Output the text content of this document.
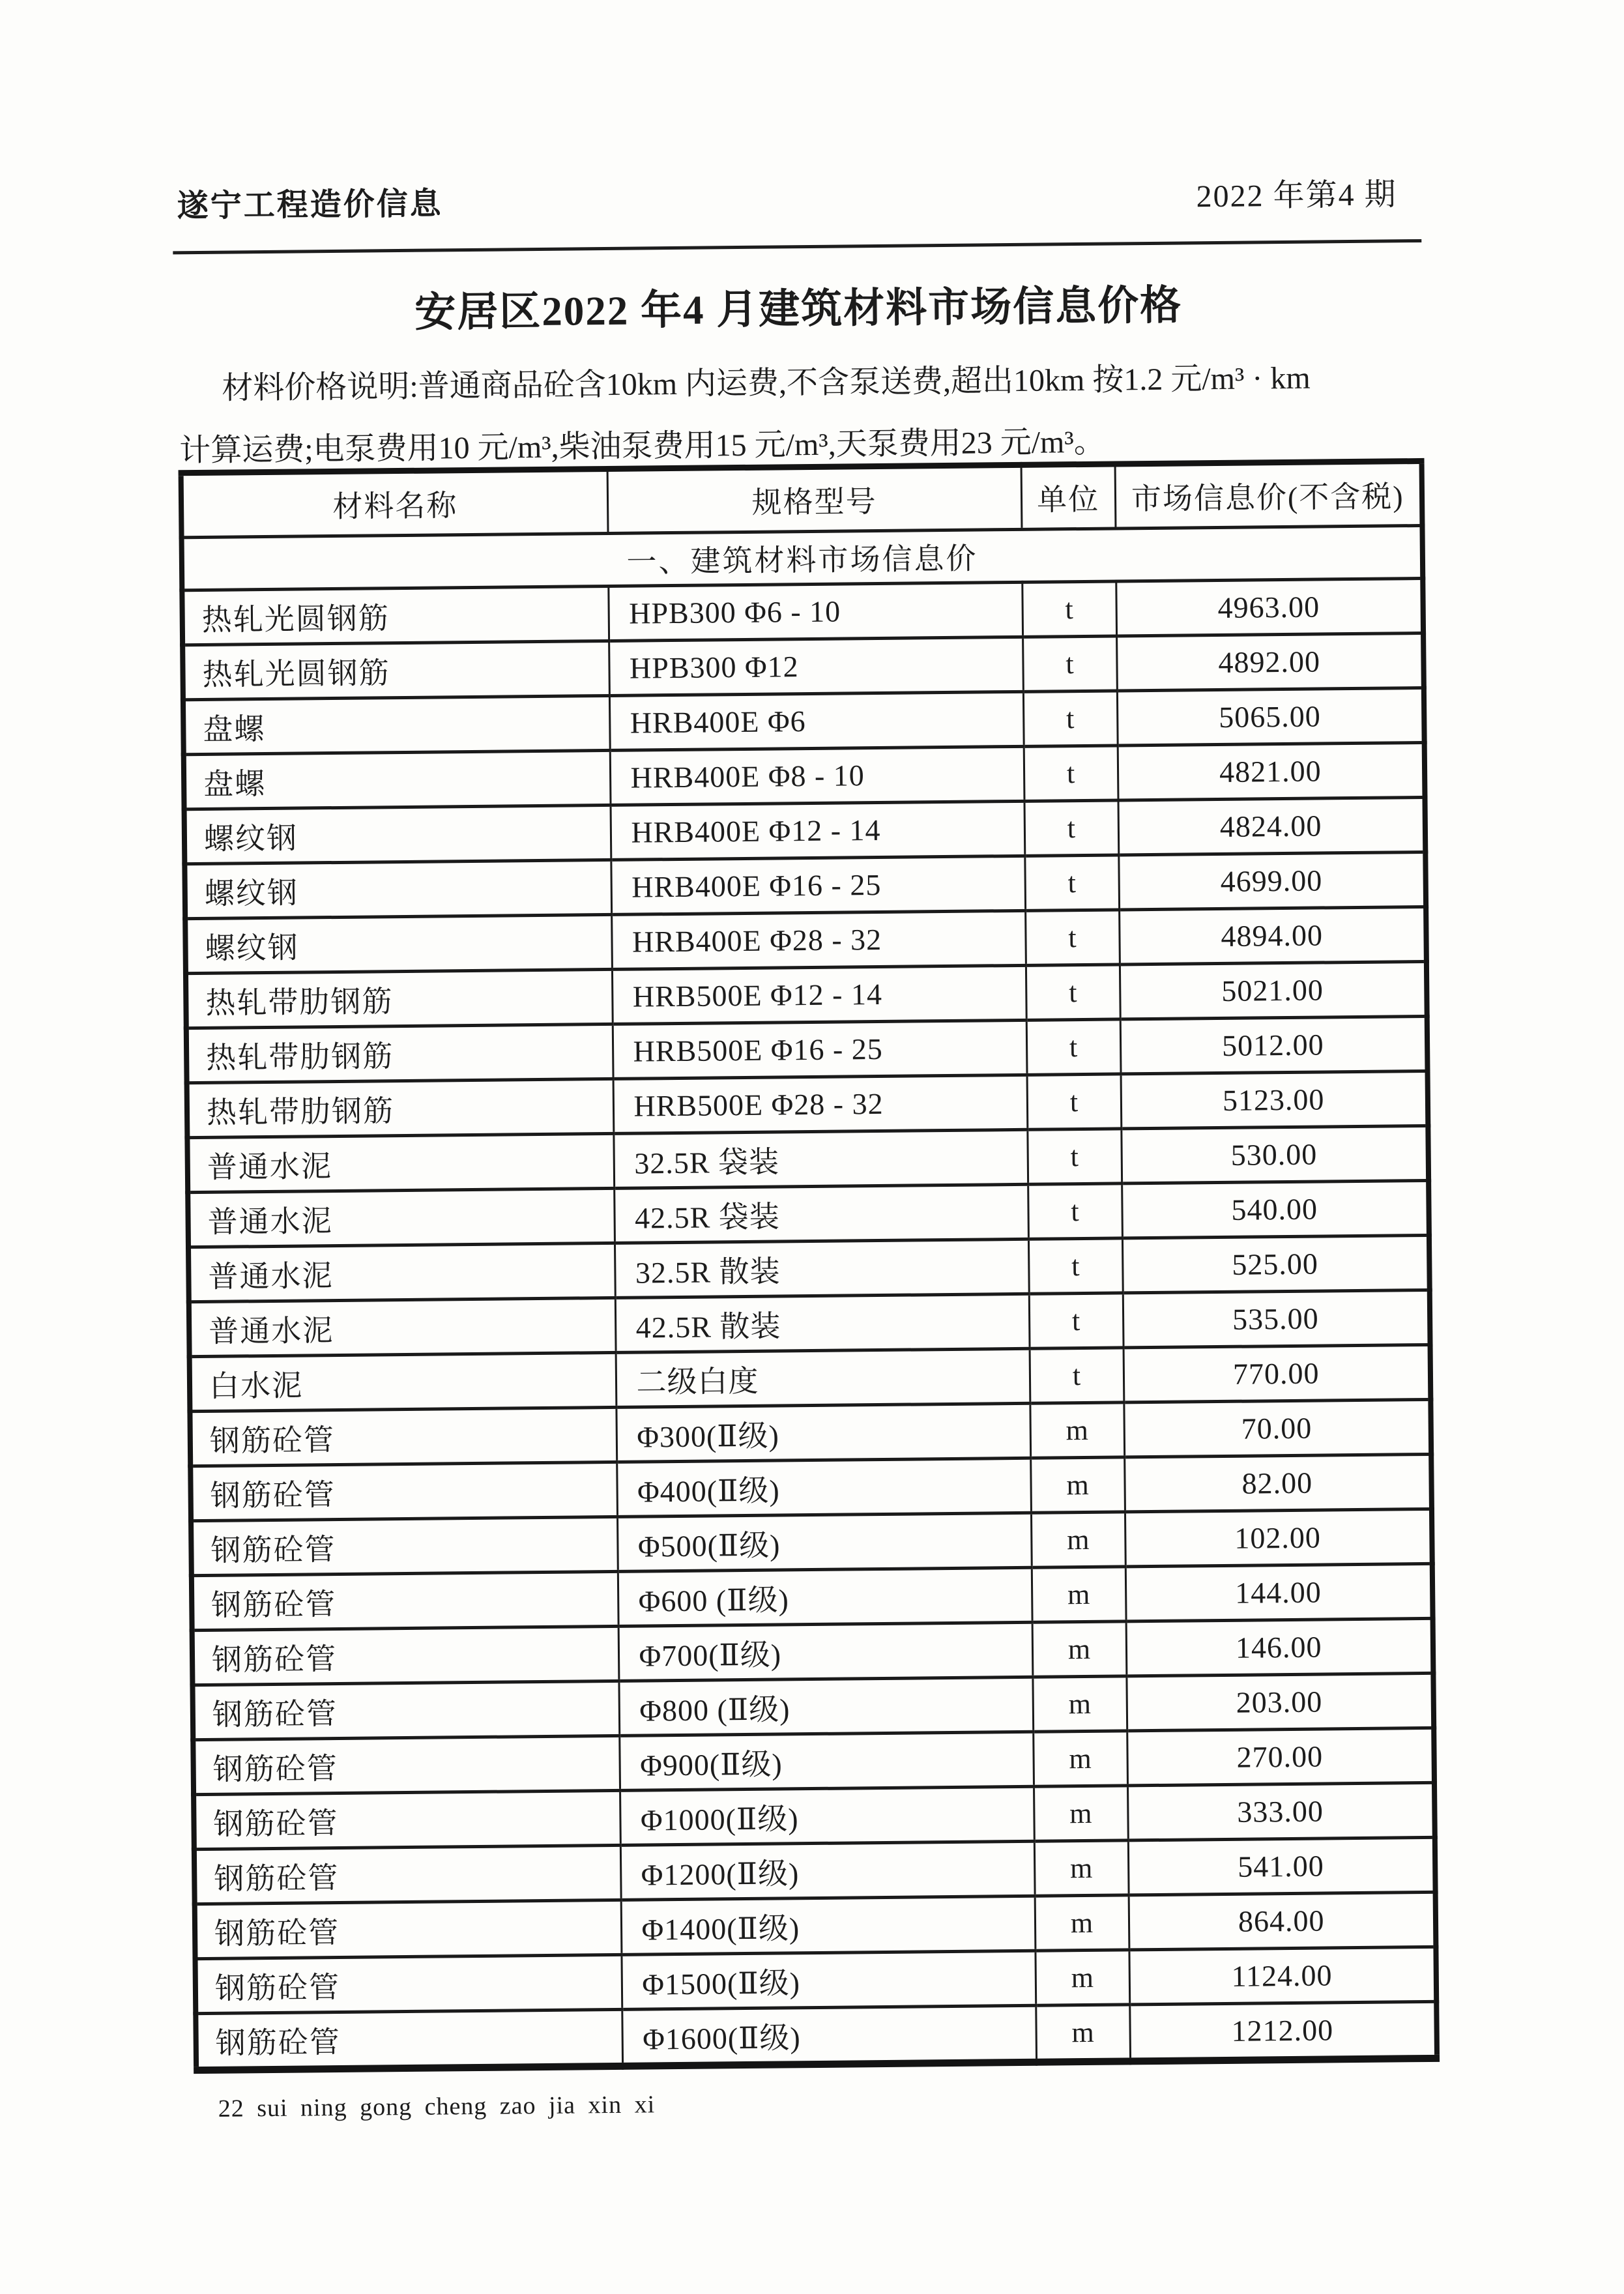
遂宁工程造价信息	2022 年第4 期
安居区2022 年4 月建筑材料市场信息价格
材料价格说明:普通商品砼含10km 内运费,不含泵送费,超出10km 按1.2 元/m³ · km
计算运费;电泵费用10 元/m³,柴油泵费用15 元/m³,天泵费用23 元/m³。
材料名称	规格型号	单位	市场信息价(不含税)
一、建筑材料市场信息价			
热轧光圆钢筋	HPB300 Φ6 - 10	t	4963.00
热轧光圆钢筋	HPB300 Φ12	t	4892.00
盘螺	HRB400E Φ6	t	5065.00
盘螺	HRB400E Φ8 - 10	t	4821.00
螺纹钢	HRB400E Φ12 - 14	t	4824.00
螺纹钢	HRB400E Φ16 - 25	t	4699.00
螺纹钢	HRB400E Φ28 - 32	t	4894.00
热轧带肋钢筋	HRB500E Φ12 - 14	t	5021.00
热轧带肋钢筋	HRB500E Φ16 - 25	t	5012.00
热轧带肋钢筋	HRB500E Φ28 - 32	t	5123.00
普通水泥	32.5R 袋装	t	530.00
普通水泥	42.5R 袋装	t	540.00
普通水泥	32.5R 散装	t	525.00
普通水泥	42.5R 散装	t	535.00
白水泥	二级白度	t	770.00
钢筋砼管	Φ300(Ⅱ级)	m	70.00
钢筋砼管	Φ400(Ⅱ级)	m	82.00
钢筋砼管	Φ500(Ⅱ级)	m	102.00
钢筋砼管	Φ600 (Ⅱ级)	m	144.00
钢筋砼管	Φ700(Ⅱ级)	m	146.00
钢筋砼管	Φ800 (Ⅱ级)	m	203.00
钢筋砼管	Φ900(Ⅱ级)	m	270.00
钢筋砼管	Φ1000(Ⅱ级)	m	333.00
钢筋砼管	Φ1200(Ⅱ级)	m	541.00
钢筋砼管	Φ1400(Ⅱ级)	m	864.00
钢筋砼管	Φ1500(Ⅱ级)	m	1124.00
钢筋砼管	Φ1600(Ⅱ级)	m	1212.00
22 sui ning gong cheng zao jia xin xi
